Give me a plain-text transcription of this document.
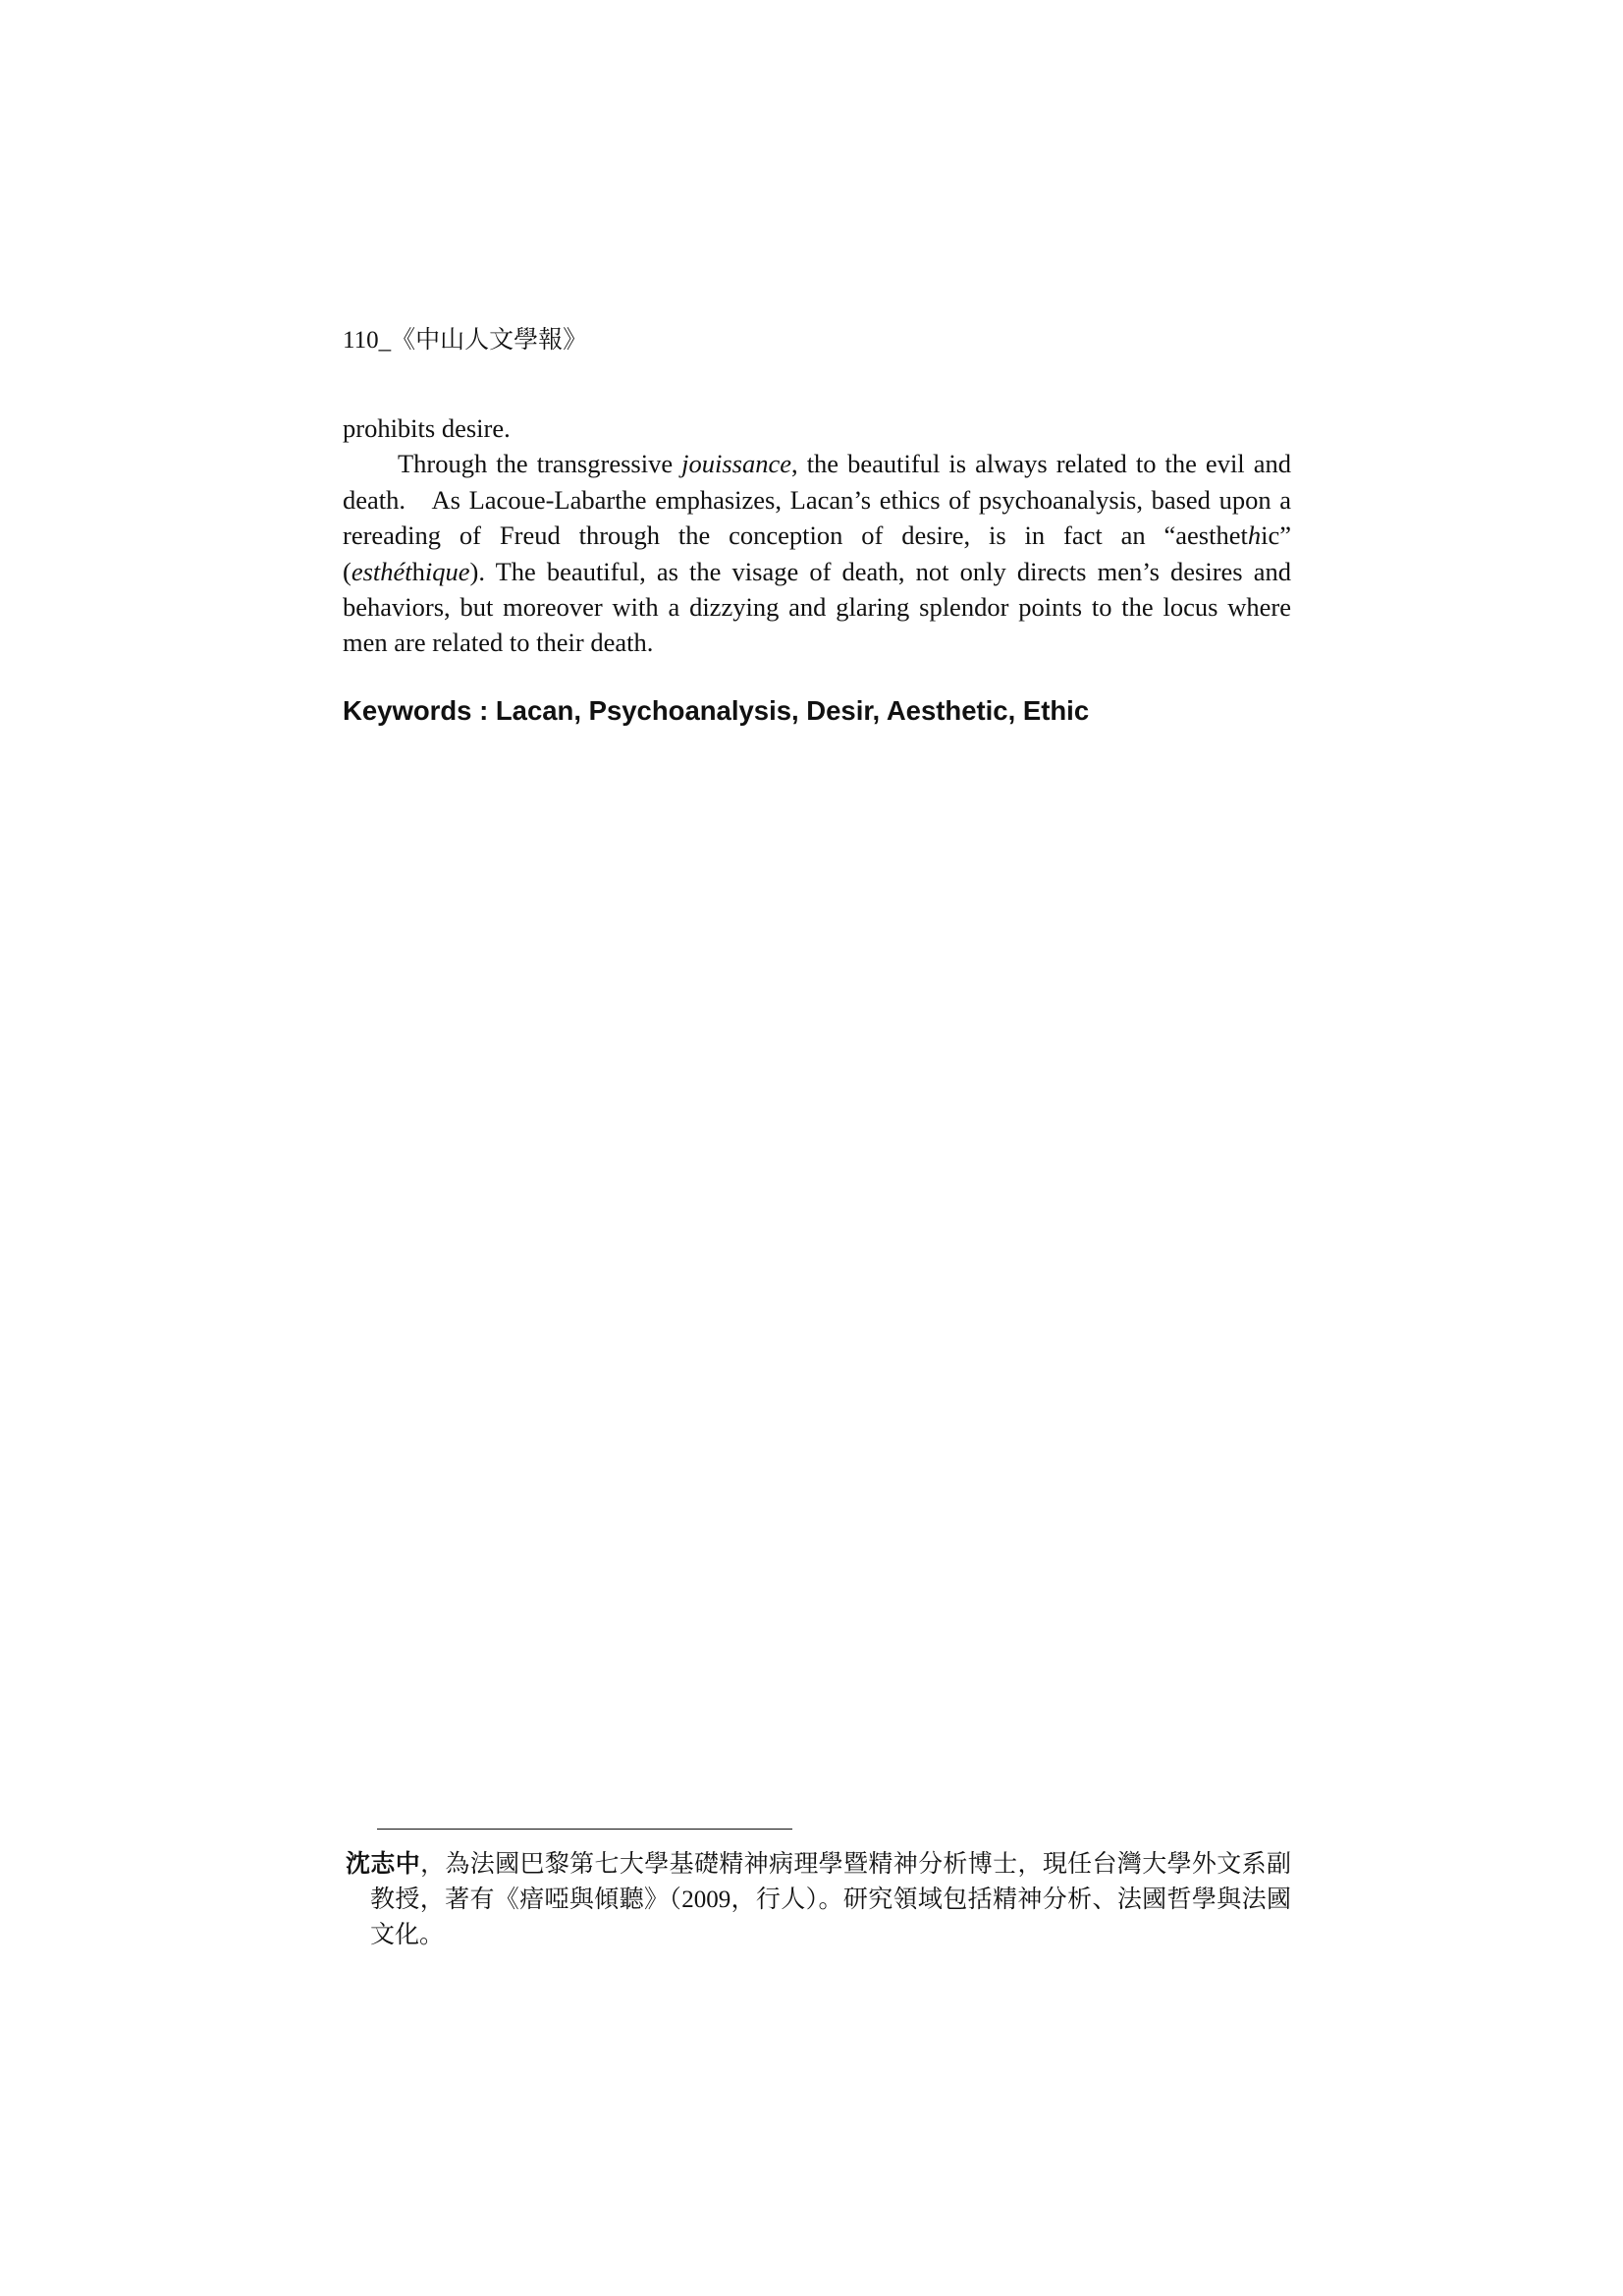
110_《中山人文學報》

prohibits desire.

Through the transgressive jouissance, the beautiful is always related to the evil and death. As Lacoue-Labarthe emphasizes, Lacan’s ethics of psychoanalysis, based upon a rereading of Freud through the conception of desire, is in fact an “aesthethic” (esthéthique). The beautiful, as the visage of death, not only directs men’s desires and behaviors, but moreover with a dizzying and glaring splendor points to the locus where men are related to their death.

Keywords : Lacan, Psychoanalysis, Desir, Aesthetic, Ethic
沈志中，為法國巴黎第七大學基礎精神病理學暨精神分析博士，現任台灣大學外文系副教授，著有《瘖啞與傾聽》（2009，行人）。研究領域包括精神分析、法國哲學與法國文化。
